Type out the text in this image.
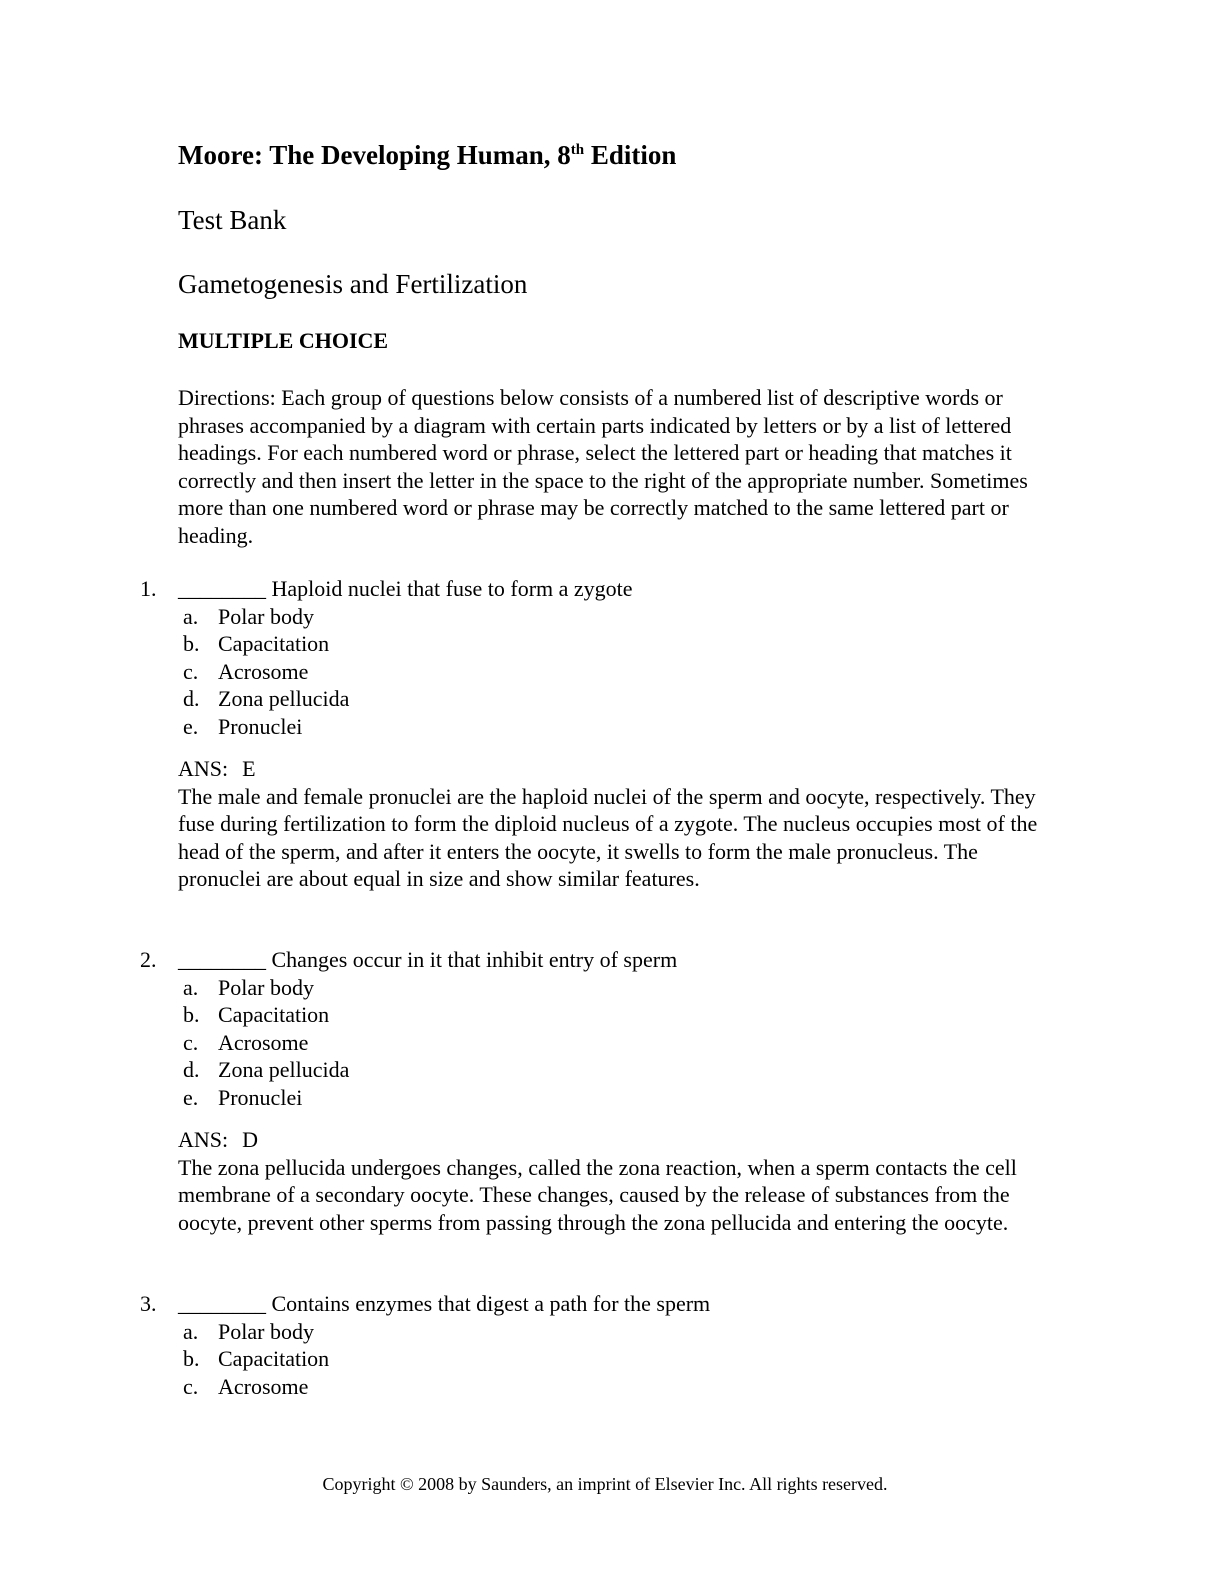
Moore: The Developing Human, 8th Edition

Test Bank

Gametogenesis and Fertilization

MULTIPLE CHOICE

Directions: Each group of questions below consists of a numbered list of descriptive words or phrases accompanied by a diagram with certain parts indicated by letters or by a list of lettered headings. For each numbered word or phrase, select the lettered part or heading that matches it correctly and then insert the letter in the space to the right of the appropriate number. Sometimes more than one numbered word or phrase may be correctly matched to the same lettered part or heading.

1. ________ Haploid nuclei that fuse to form a zygote
a. Polar body
b. Capacitation
c. Acrosome
d. Zona pellucida
e. Pronuclei
ANS: E
The male and female pronuclei are the haploid nuclei of the sperm and oocyte, respectively. They fuse during fertilization to form the diploid nucleus of a zygote. The nucleus occupies most of the head of the sperm, and after it enters the oocyte, it swells to form the male pronucleus. The pronuclei are about equal in size and show similar features.
2. ________ Changes occur in it that inhibit entry of sperm
a. Polar body
b. Capacitation
c. Acrosome
d. Zona pellucida
e. Pronuclei
ANS: D
The zona pellucida undergoes changes, called the zona reaction, when a sperm contacts the cell membrane of a secondary oocyte. These changes, caused by the release of substances from the oocyte, prevent other sperms from passing through the zona pellucida and entering the oocyte.
3. ________ Contains enzymes that digest a path for the sperm
a. Polar body
b. Capacitation
c. Acrosome

Copyright © 2008 by Saunders, an imprint of Elsevier Inc. All rights reserved.
